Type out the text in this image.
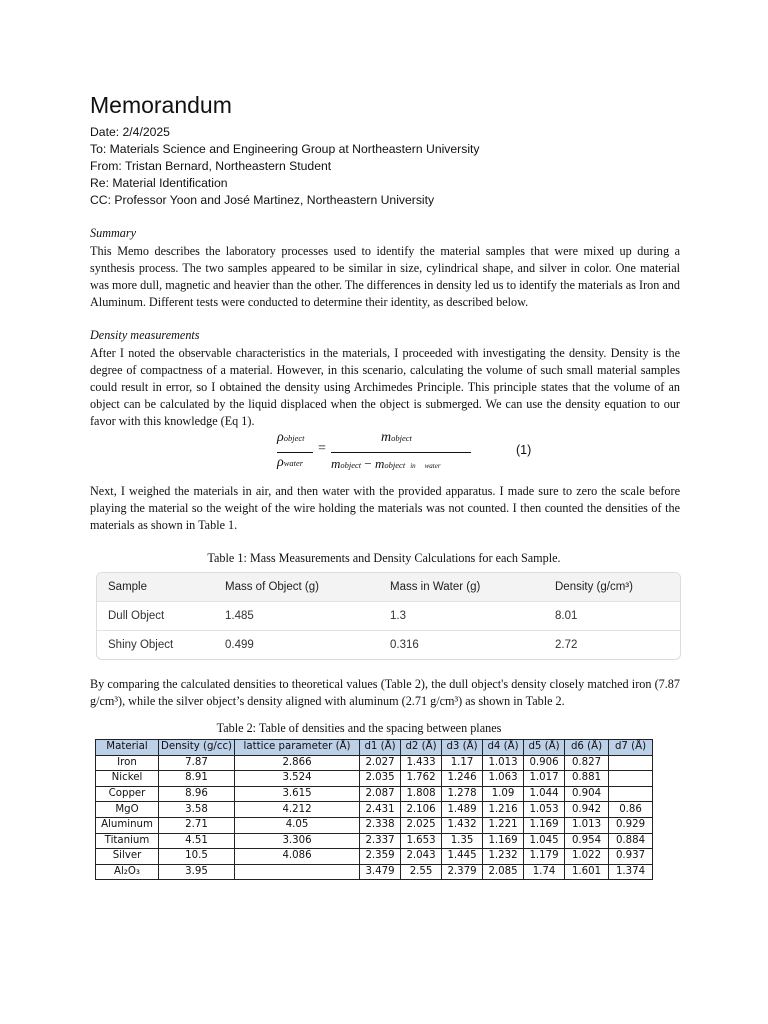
Memorandum
Date: 2/4/2025
To: Materials Science and Engineering Group at Northeastern University
From: Tristan Bernard, Northeastern Student
Re: Material Identification
CC: Professor Yoon and José Martinez, Northeastern University
Summary
This Memo describes the laboratory processes used to identify the material samples that were mixed up during a synthesis process. The two samples appeared to be similar in size, cylindrical shape, and silver in color. One material was more dull, magnetic and heavier than the other. The differences in density led us to identify the materials as Iron and Aluminum. Different tests were conducted to determine their identity, as described below.
Density measurements
After I noted the observable characteristics in the materials, I proceeded with investigating the density. Density is the degree of compactness of a material. However, in this scenario, calculating the volume of such small material samples could result in error, so I obtained the density using Archimedes Principle. This principle states that the volume of an object can be calculated by the liquid displaced when the object is submerged. We can use the density equation to our favor with this knowledge (Eq 1).
ρobject
ρwater
=
mobject
mobject − mobject in water
(1)
Next, I weighed the materials in air, and then water with the provided apparatus. I made sure to zero the scale before playing the material so the weight of the wire holding the materials was not counted. I then counted the densities of the materials as shown in Table 1.
Table 1: Mass Measurements and Density Calculations for each Sample.
Sample	Mass of Object (g)	Mass in Water (g)	Density (g/cm³)
Dull Object	1.485	1.3	8.01
Shiny Object	0.499	0.316	2.72
By comparing the calculated densities to theoretical values (Table 2), the dull object's density closely matched iron (7.87 g/cm³), while the silver object’s density aligned with aluminum (2.71 g/cm³) as shown in Table 2.
Table 2: Table of densities and the spacing between planes
Material	Density (g/cc)	lattice parameter (Å)	d1 (Å)	d2 (Å)	d3 (Å)	d4 (Å)	d5 (Å)	d6 (Å)	d7 (Å)
Iron	7.87	2.866	2.027	1.433	1.17	1.013	0.906	0.827	
Nickel	8.91	3.524	2.035	1.762	1.246	1.063	1.017	0.881	
Copper	8.96	3.615	2.087	1.808	1.278	1.09	1.044	0.904	
MgO	3.58	4.212	2.431	2.106	1.489	1.216	1.053	0.942	0.86
Aluminum	2.71	4.05	2.338	2.025	1.432	1.221	1.169	1.013	0.929
Titanium	4.51	3.306	2.337	1.653	1.35	1.169	1.045	0.954	0.884
Silver	10.5	4.086	2.359	2.043	1.445	1.232	1.179	1.022	0.937
Al₂O₃	3.95		3.479	2.55	2.379	2.085	1.74	1.601	1.374
